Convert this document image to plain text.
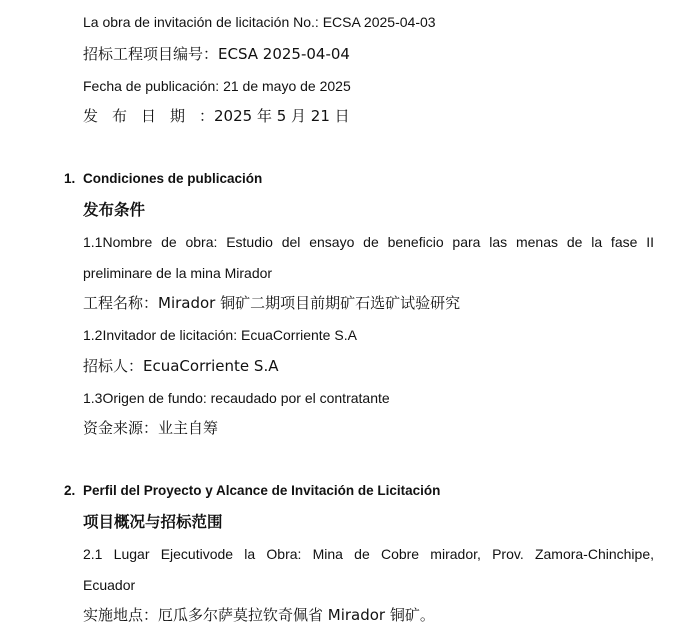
La obra de invitación de licitación No.: ECSA 2025-04-03
招标工程项目编号：ECSA 2025-04-04
Fecha de publicación: 21 de mayo de 2025
发布日期：2025 年 5 月 21 日
1. Condiciones de publicación
发布条件
1.1Nombre de obra: Estudio del ensayo de beneficio para las menas de la fase II
preliminare de la mina Mirador
工程名称：Mirador 铜矿二期项目前期矿石选矿试验研究
1.2Invitador de licitación: EcuaCorriente S.A
招标人：EcuaCorriente S.A
1.3Origen de fundo: recaudado por el contratante
资金来源：业主自筹
2. Perfil del Proyecto y Alcance de Invitación de Licitación
项目概况与招标范围
2.1 Lugar Ejecutivode la Obra: Mina de Cobre mirador, Prov. Zamora-Chinchipe,
Ecuador
实施地点：厄瓜多尔萨莫拉钦奇佩省 Mirador 铜矿。
